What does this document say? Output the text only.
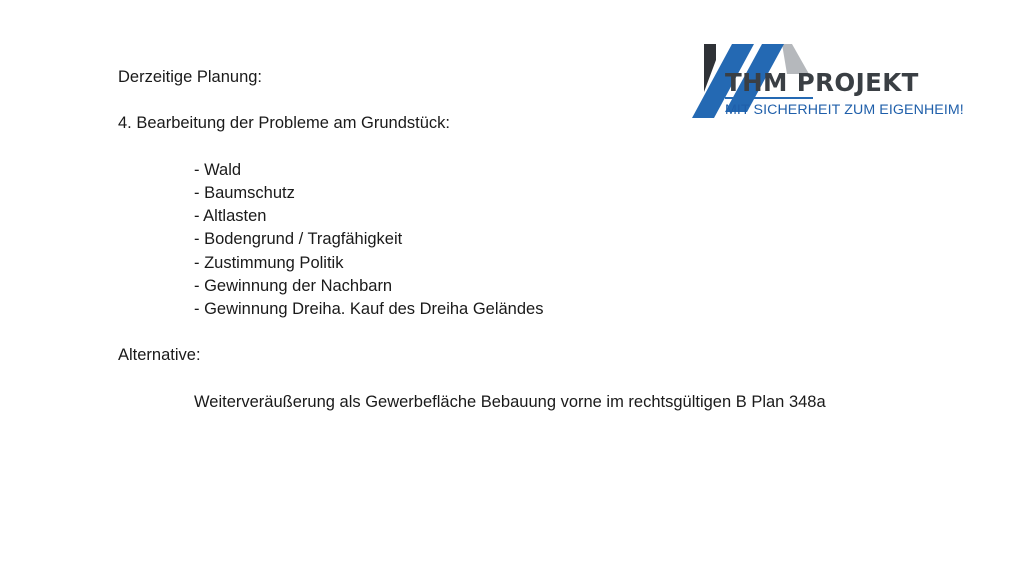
Derzeitige Planung:
4. Bearbeitung der Probleme am Grundstück:
- Wald
- Baumschutz
- Altlasten
- Bodengrund / Tragfähigkeit
- Zustimmung Politik
- Gewinnung der Nachbarn
- Gewinnung Dreiha. Kauf des Dreiha Geländes
Alternative:
Weiterveräußerung als Gewerbefläche Bebauung vorne im rechtsgültigen B Plan 348a
THM PROJEKT
MIT SICHERHEIT ZUM EIGENHEIM!
